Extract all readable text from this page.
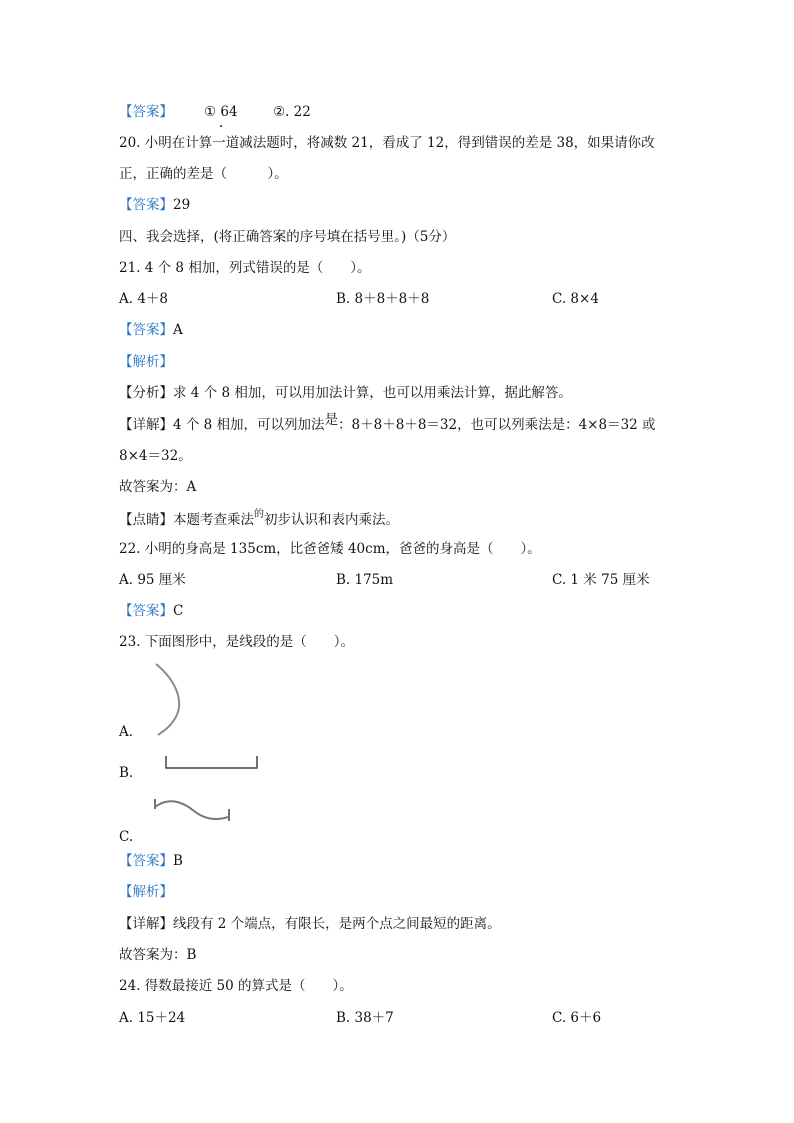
【答案】 ① 64	②. 22
20. 小明在计算一道减法题时，将减数 21，看成了 12，得到错误的差是 38，如果请你改
正，正确的差是（　　　）。
【答案】29
四、我会选择，(将正确答案的序号填在括号里。)（5分）
21. 4 个 8 相加，列式错误的是（　　）。
A. 4＋8	B. 8＋8＋8＋8	C. 8×4
【答案】A
【解析】
【分析】求 4 个 8 相加，可以用加法计算，也可以用乘法计算，据此解答。
【详解】4 个 8 相加，可以列加法是：8＋8＋8＋8＝32，也可以列乘法是：4×8＝32 或
8×4＝32。
故答案为：A
【点睛】本题考查乘法的初步认识和表内乘法。
22. 小明的身高是 135cm，比爸爸矮 40cm，爸爸的身高是（　　）。
A. 95 厘米	B. 175m	C. 1 米 75 厘米
【答案】C
23. 下面图形中，是线段的是（　　）。
A.
B.
C.
【答案】B
【解析】
【详解】线段有 2 个端点，有限长，是两个点之间最短的距离。
故答案为：B
24. 得数最接近 50 的算式是（　　）。
A. 15＋24	B. 38＋7	C. 6＋6
